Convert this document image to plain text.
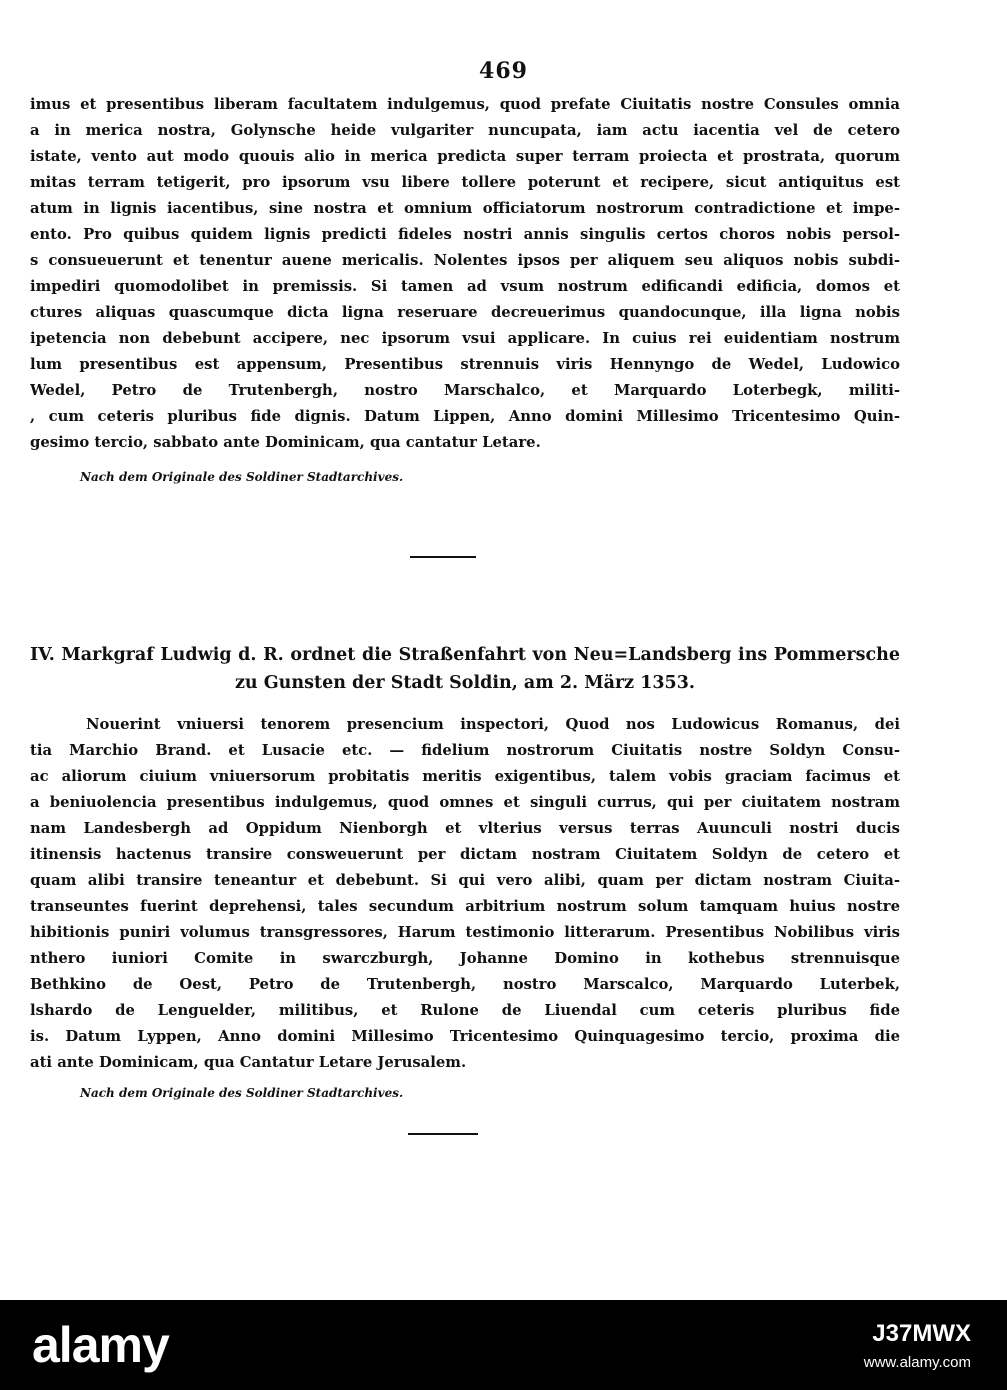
469
imus et presentibus liberam facultatem indulgemus, quod prefate Ciuitatis nostre Consules omnia
a in merica nostra, Golynsche heide vulgariter nuncupata, iam actu iacentia vel de cetero
istate, vento aut modo quouis alio in merica predicta super terram proiecta et prostrata, quorum
mitas terram tetigerit, pro ipsorum vsu libere tollere poterunt et recipere, sicut antiquitus est
atum in lignis iacentibus, sine nostra et omnium officiatorum nostrorum contradictione et impe-
ento. Pro quibus quidem lignis predicti fideles nostri annis singulis certos choros nobis persol-
s consueuerunt et tenentur auene mericalis. Nolentes ipsos per aliquem seu aliquos nobis subdi-
impediri quomodolibet in premissis. Si tamen ad vsum nostrum edificandi edificia, domos et
ctures aliquas quascumque dicta ligna reseruare decreuerimus quandocunque, illa ligna nobis
ipetencia non debebunt accipere, nec ipsorum vsui applicare. In cuius rei euidentiam nostrum
lum presentibus est appensum, Presentibus strennuis viris Hennyngo de Wedel, Ludowico
Wedel, Petro de Trutenbergh, nostro Marschalco, et Marquardo Loterbegk, militi-
, cum ceteris pluribus fide dignis. Datum Lippen, Anno domini Millesimo Tricentesimo Quin-
gesimo tercio, sabbato ante Dominicam, qua cantatur Letare.
Nach dem Originale des Soldiner Stadtarchives.
IV. Markgraf Ludwig d. R. ordnet die Straßenfahrt von Neu=Landsberg ins Pommersche
zu Gunsten der Stadt Soldin, am 2. März 1353.
Nouerint vniuersi tenorem presencium inspectori, Quod nos Ludowicus Romanus, dei
tia Marchio Brand. et Lusacie etc. — fidelium nostrorum Ciuitatis nostre Soldyn Consu-
ac aliorum ciuium vniuersorum probitatis meritis exigentibus, talem vobis graciam facimus et
a beniuolencia presentibus indulgemus, quod omnes et singuli currus, qui per ciuitatem nostram
nam Landesbergh ad Oppidum Nienborgh et vlterius versus terras Auunculi nostri ducis
itinensis hactenus transire consweuerunt per dictam nostram Ciuitatem Soldyn de cetero et
quam alibi transire teneantur et debebunt. Si qui vero alibi, quam per dictam nostram Ciuita-
transeuntes fuerint deprehensi, tales secundum arbitrium nostrum solum tamquam huius nostre
hibitionis puniri volumus transgressores, Harum testimonio litterarum. Presentibus Nobilibus viris
nthero iuniori Comite in swarczburgh, Johanne Domino in kothebus strennuisque
Bethkino de Oest, Petro de Trutenbergh, nostro Marscalco, Marquardo Luterbek,
lshardo de Lenguelder, militibus, et Rulone de Liuendal cum ceteris pluribus fide
is. Datum Lyppen, Anno domini Millesimo Tricentesimo Quinquagesimo tercio, proxima die
ati ante Dominicam, qua Cantatur Letare Jerusalem.
Nach dem Originale des Soldiner Stadtarchives.
alamy	J37MWX
www.alamy.com
